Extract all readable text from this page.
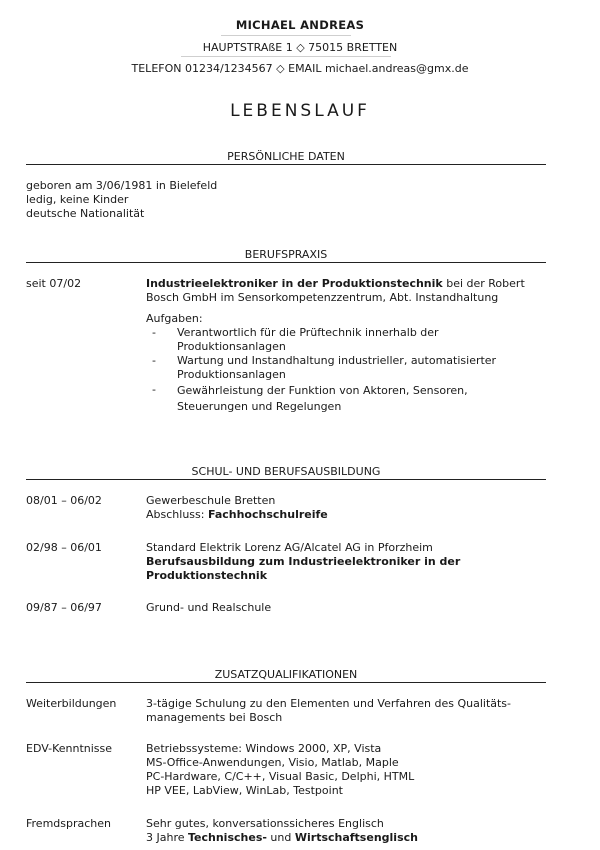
MICHAEL ANDREAS
HAUPTSTRAßE 1 ◇ 75015 BRETTEN
TELEFON 01234/1234567 ◇ EMAIL michael.andreas@gmx.de
LEBENSLAUF
PERSÖNLICHE DATEN
geboren am 3/06/1981 in Bielefeld
ledig, keine Kinder
deutsche Nationalität
BERUFSPRAXIS
seit 07/02	Industrieelektroniker in der Produktionstechnik bei der Robert
Bosch GmbH im Sensorkompetenzzentrum, Abt. Instandhaltung
Aufgaben:
-	Verantwortlich für die Prüftechnik innerhalb der
Produktionsanlagen
-	Wartung und Instandhaltung industrieller, automatisierter
Produktionsanlagen
-	Gewährleistung der Funktion von Aktoren, Sensoren,
Steuerungen und Regelungen
SCHUL- UND BERUFSAUSBILDUNG
08/01 – 06/02	Gewerbeschule Bretten
Abschluss: Fachhochschulreife
02/98 – 06/01	Standard Elektrik Lorenz AG/Alcatel AG in Pforzheim
Berufsausbildung zum Industrieelektroniker in der
Produktionstechnik
09/87 – 06/97	Grund- und Realschule
ZUSATZQUALIFIKATIONEN
Weiterbildungen	3-tägige Schulung zu den Elementen und Verfahren des Qualitäts-
managements bei Bosch
EDV-Kenntnisse	Betriebssysteme: Windows 2000, XP, Vista
MS-Office-Anwendungen, Visio, Matlab, Maple
PC-Hardware, C/C++, Visual Basic, Delphi, HTML
HP VEE, LabView, WinLab, Testpoint
Fremdsprachen	Sehr gutes, konversationssicheres Englisch
3 Jahre Technisches- und Wirtschaftsenglisch
